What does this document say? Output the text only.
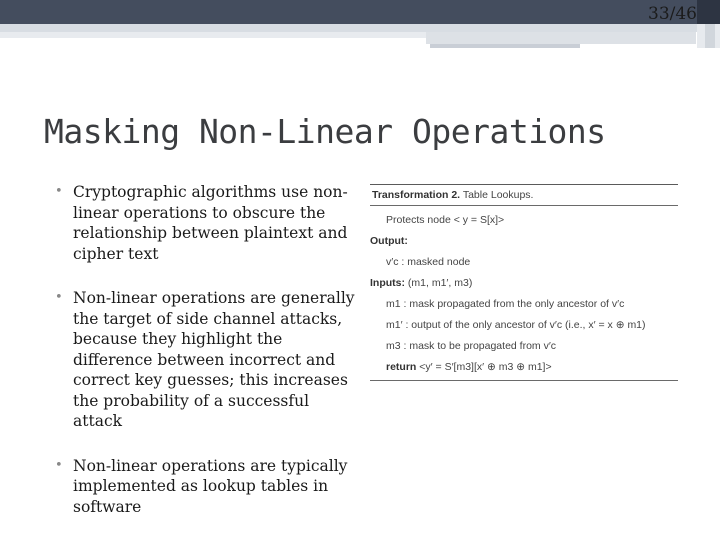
33/46
Masking Non-Linear Operations
• Cryptographic algorithms use non-linear operations to obscure the relationship between plaintext and cipher text
• Non-linear operations are generally the target of side channel attacks, because they highlight the difference between incorrect and correct key guesses; this increases the probability of a successful attack
• Non-linear operations are typically implemented as lookup tables in software
Transformation 2. Table Lookups.
Protects node < y = S[x]>
Output:
v′c : masked node
Inputs: (m1, m1′, m3)
m1 : mask propagated from the only ancestor of v′c
m1′ : output of the only ancestor of v′c (i.e., x′ = x ⊕ m1)
m3 : mask to be propagated from v′c
return <y′ = S′[m3][x′ ⊕ m3 ⊕ m1]>
